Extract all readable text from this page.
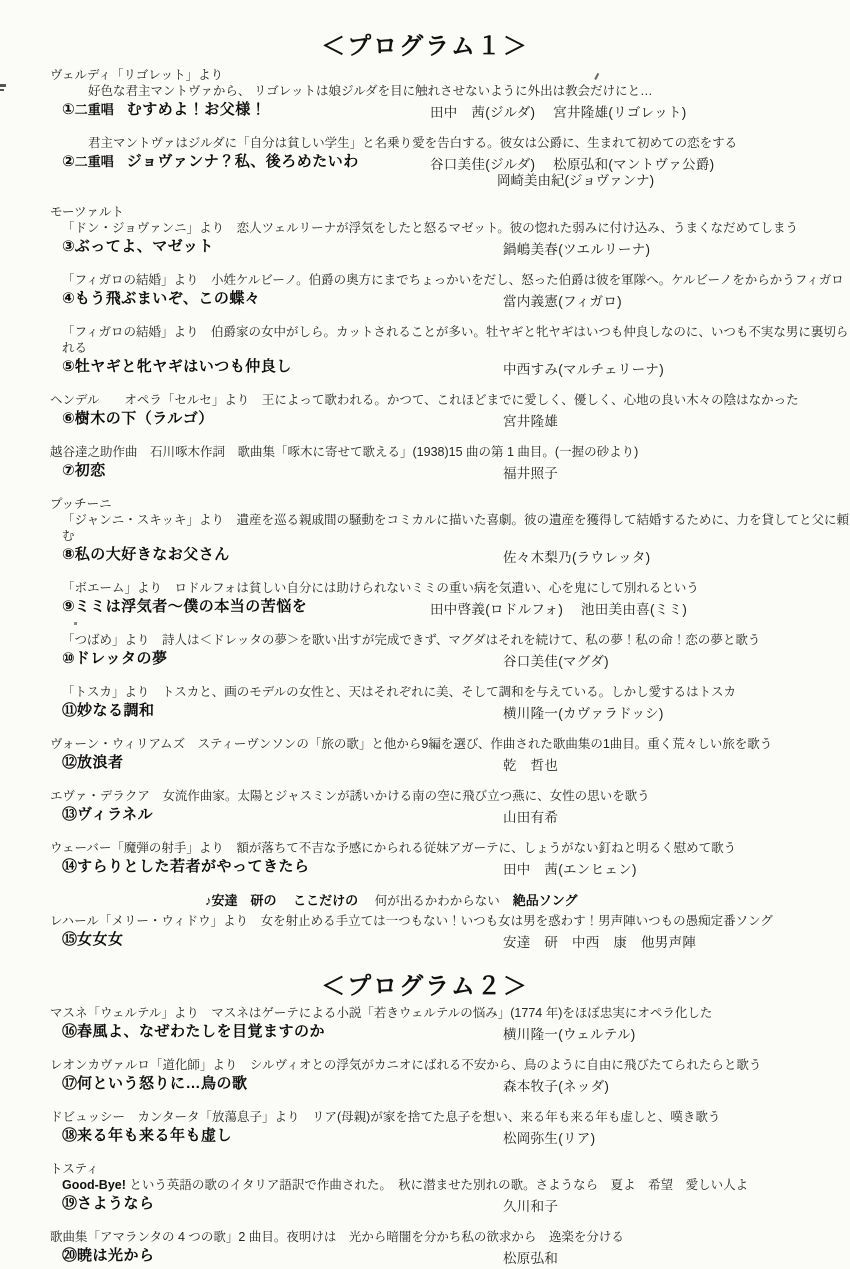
＜プログラム１＞
ヴェルディ「リゴレット」より
好色な君主マントヴァから、 リゴレットは娘ジルダを目に触れさせないように外出は教会だけにと…
①二重唱　むすめよ！お父様！	田中　茜(ジルダ)　 宮井隆雄(リゴレット)
君主マントヴァはジルダに「自分は貧しい学生」と名乗り愛を告白する。彼女は公爵に、生まれて初めての恋をする
②二重唱　ジョヴァンナ？私、後ろめたいわ	谷口美佳(ジルダ)　 松原弘和(マントヴァ公爵)
岡崎美由紀(ジョヴァンナ)
モーツァルト
「ドン・ジョヴァンニ」より　恋人ツェルリーナが浮気をしたと怒るマゼット。彼の惚れた弱みに付け込み、うまくなだめてしまう
③ぶってよ、マゼット	鍋嶋美春(ツエルリーナ)
「フィガロの結婚」より　小姓ケルビーノ。伯爵の奥方にまでちょっかいをだし、怒った伯爵は彼を軍隊へ。ケルビーノをからかうフィガロ
④もう飛ぶまいぞ、この蝶々	當内義憲(フィガロ)
「フィガロの結婚」より　伯爵家の女中がしら。カットされることが多い。牡ヤギと牝ヤギはいつも仲良しなのに、いつも不実な男に裏切られる
⑤牡ヤギと牝ヤギはいつも仲良し	中西すみ(マルチェリーナ)
ヘンデル　　オペラ「セルセ」より　王によって歌われる。かつて、これほどまでに愛しく、優しく、心地の良い木々の陰はなかった
⑥樹木の下（ラルゴ）	宮井隆雄
越谷達之助作曲　石川啄木作詞　歌曲集「啄木に寄せて歌える」(1938)15 曲の第 1 曲目。(一握の砂より)
⑦初恋	福井照子
プッチーニ
「ジャンニ・スキッキ」より　遺産を巡る親戚間の騒動をコミカルに描いた喜劇。彼の遺産を獲得して結婚するために、力を貸してと父に頼む
⑧私の大好きなお父さん	佐々木梨乃(ラウレッタ)
「ボエーム」より　ロドルフォは貧しい自分には助けられないミミの重い病を気遣い、心を鬼にして別れるという
⑨ミミは浮気者～僕の本当の苦悩を	田中啓義(ロドルフォ)　 池田美由喜(ミミ)
「つばめ」より　詩人は＜ドレッタの夢＞を歌い出すが完成できず、マグダはそれを続けて、私の夢！私の命！恋の夢と歌う
⑩ドレッタの夢	谷口美佳(マグダ)
「トスカ」より　トスカと、画のモデルの女性と、天はそれぞれに美、そして調和を与えている。しかし愛するはトスカ
⑪妙なる調和	横川隆一(カヴァラドッシ)
ヴォーン・ウィリアムズ　スティーヴンソンの「旅の歌」と他から9編を選び、作曲された歌曲集の1曲目。重く荒々しい旅を歌う
⑫放浪者	乾　哲也
エヴァ・デラクア　女流作曲家。太陽とジャスミンが誘いかける南の空に飛び立つ燕に、女性の思いを歌う
⑬ヴィラネル	山田有希
ウェーバー「魔弾の射手」より　額が落ちて不吉な予感にかられる従妹アガーテに、しょうがない釘ねと明るく慰めて歌う
⑭すらりとした若者がやってきたら	田中　茜(エンヒェン)
♪安達　研の　 ここだけの　 何が出るかわからない　絶品ソング
レハール「メリー・ウィドウ」より　女を射止める手立ては一つもない！いつも女は男を惑わす！男声陣いつもの愚痴定番ソング
⑮女女女	安達　研　中西　康　他男声陣
＜プログラム２＞
マスネ「ウェルテル」より　マスネはゲーテによる小説「若きウェルテルの悩み」(1774 年)をほぼ忠実にオペラ化した
⑯春風よ、なぜわたしを目覚ますのか	横川隆一(ウェルテル)
レオンカヴァルロ「道化師」より　シルヴィオとの浮気がカニオにばれる不安から、鳥のように自由に飛びたてられたらと歌う
⑰何という怒りに…鳥の歌	森本牧子(ネッダ)
ドビュッシー　カンタータ「放蕩息子」より　リア(母親)が家を捨てた息子を想い、来る年も来る年も虚しと、嘆き歌う
⑱来る年も来る年も虚し	松岡弥生(リア)
トスティ
Good-Bye! という英語の歌のイタリア語訳で作曲された。　秋に潜ませた別れの歌。さようなら　夏よ　希望　愛しい人よ
⑲さようなら	久川和子
歌曲集「アマランタの 4 つの歌」2 曲目。夜明けは　光から暗闇を分かち私の欲求から　逸楽を分ける
⑳暁は光から	松原弘和
